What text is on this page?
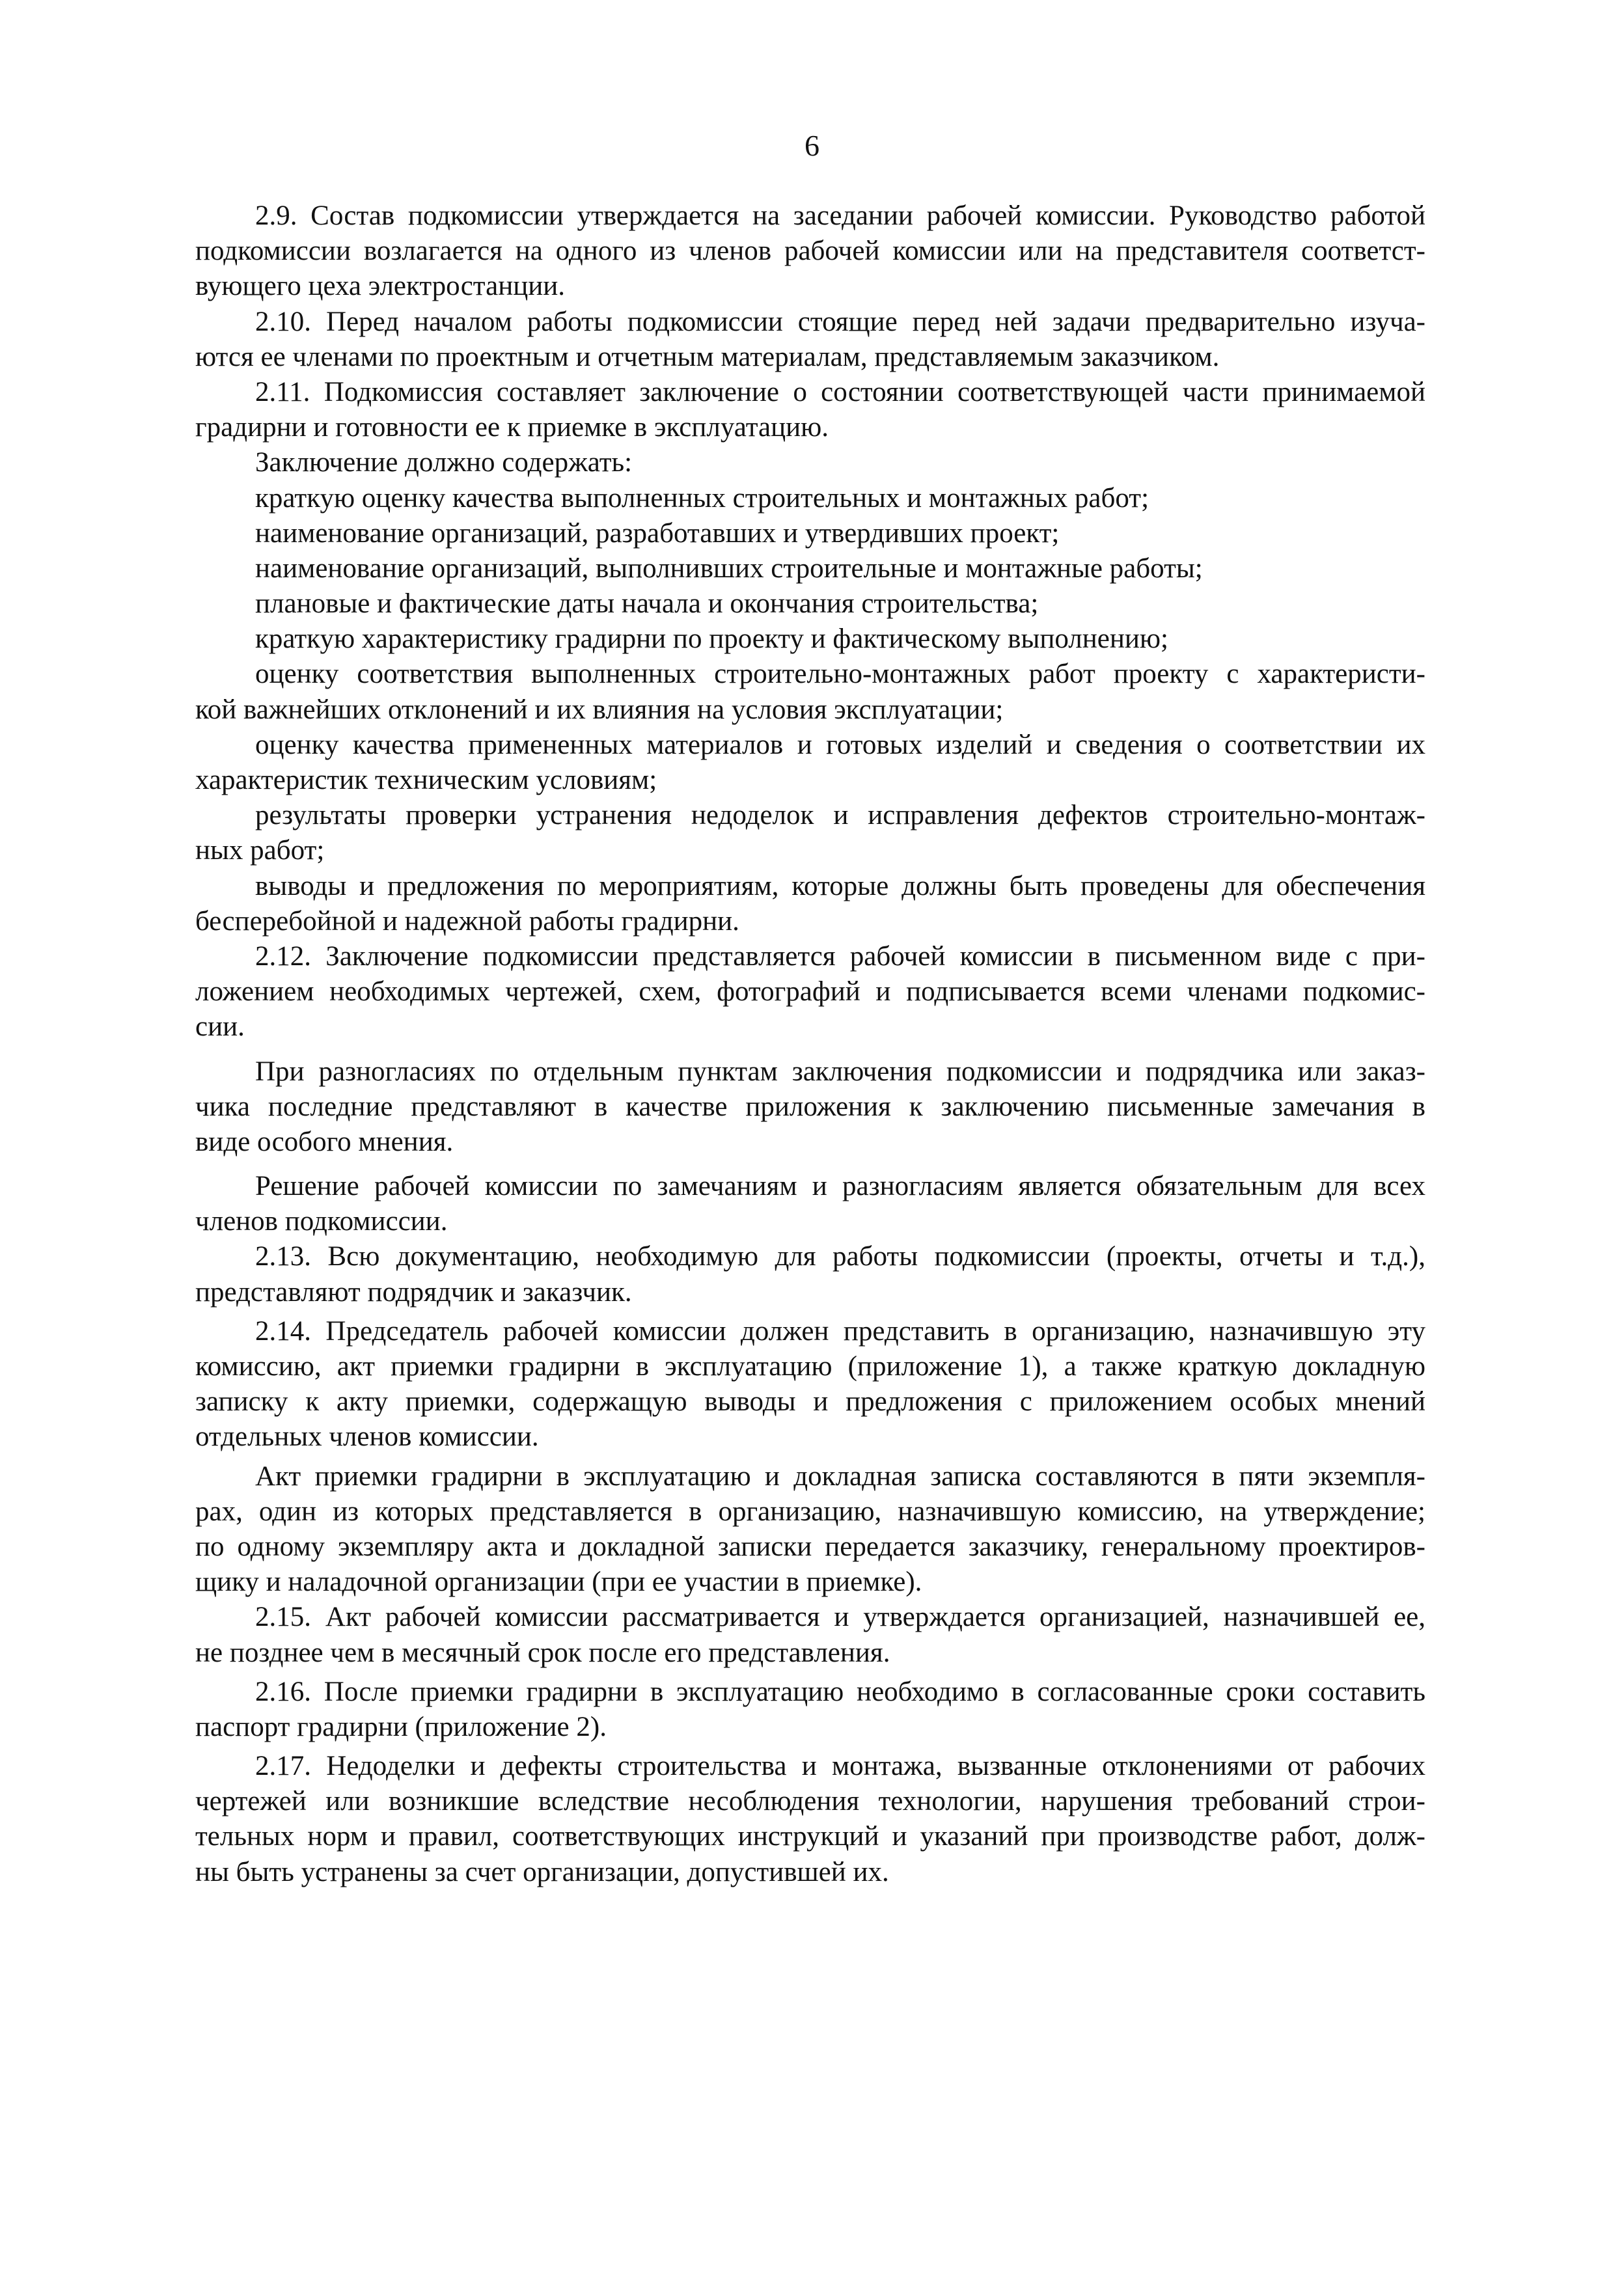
6
2.9. Состав подкомиссии утверждается на заседании рабочей комиссии. Руководство работой
подкомиссии возлагается на одного из членов рабочей комиссии или на представителя соответст-
вующего цеха электростанции.
2.10. Перед началом работы подкомиссии стоящие перед ней задачи предварительно изуча-
ются ее членами по проектным и отчетным материалам, представляемым заказчиком.
2.11. Подкомиссия составляет заключение о состоянии соответствующей части принимаемой
градирни и готовности ее к приемке в эксплуатацию.
Заключение должно содержать:
краткую оценку качества выполненных строительных и монтажных работ;
наименование организаций, разработавших и утвердивших проект;
наименование организаций, выполнивших строительные и монтажные работы;
плановые и фактические даты начала и окончания строительства;
краткую характеристику градирни по проекту и фактическому выполнению;
оценку соответствия выполненных строительно-монтажных работ проекту с характеристи-
кой важнейших отклонений и их влияния на условия эксплуатации;
оценку качества примененных материалов и готовых изделий и сведения о соответствии их
характеристик техническим условиям;
результаты проверки устранения недоделок и исправления дефектов строительно-монтаж-
ных работ;
выводы и предложения по мероприятиям, которые должны быть проведены для обеспечения
бесперебойной и надежной работы градирни.
2.12. Заключение подкомиссии представляется рабочей комиссии в письменном виде с при-
ложением необходимых чертежей, схем, фотографий и подписывается всеми членами подкомис-
сии.
При разногласиях по отдельным пунктам заключения подкомиссии и подрядчика или заказ-
чика последние представляют в качестве приложения к заключению письменные замечания в
виде особого мнения.
Решение рабочей комиссии по замечаниям и разногласиям является обязательным для всех
членов подкомиссии.
2.13. Всю документацию, необходимую для работы подкомиссии (проекты, отчеты и т.д.),
представляют подрядчик и заказчик.
2.14. Председатель рабочей комиссии должен представить в организацию, назначившую эту
комиссию, акт приемки градирни в эксплуатацию (приложение 1), а также краткую докладную
записку к акту приемки, содержащую выводы и предложения с приложением особых мнений
отдельных членов комиссии.
Акт приемки градирни в эксплуатацию и докладная записка составляются в пяти экземпля-
рах, один из которых представляется в организацию, назначившую комиссию, на утверждение;
по одному экземпляру акта и докладной записки передается заказчику, генеральному проектиров-
щику и наладочной организации (при ее участии в приемке).
2.15. Акт рабочей комиссии рассматривается и утверждается организацией, назначившей ее,
не позднее чем в месячный срок после его представления.
2.16. После приемки градирни в эксплуатацию необходимо в согласованные сроки составить
паспорт градирни (приложение 2).
2.17. Недоделки и дефекты строительства и монтажа, вызванные отклонениями от рабочих
чертежей или возникшие вследствие несоблюдения технологии, нарушения требований строи-
тельных норм и правил, соответствующих инструкций и указаний при производстве работ, долж-
ны быть устранены за счет организации, допустившей их.
